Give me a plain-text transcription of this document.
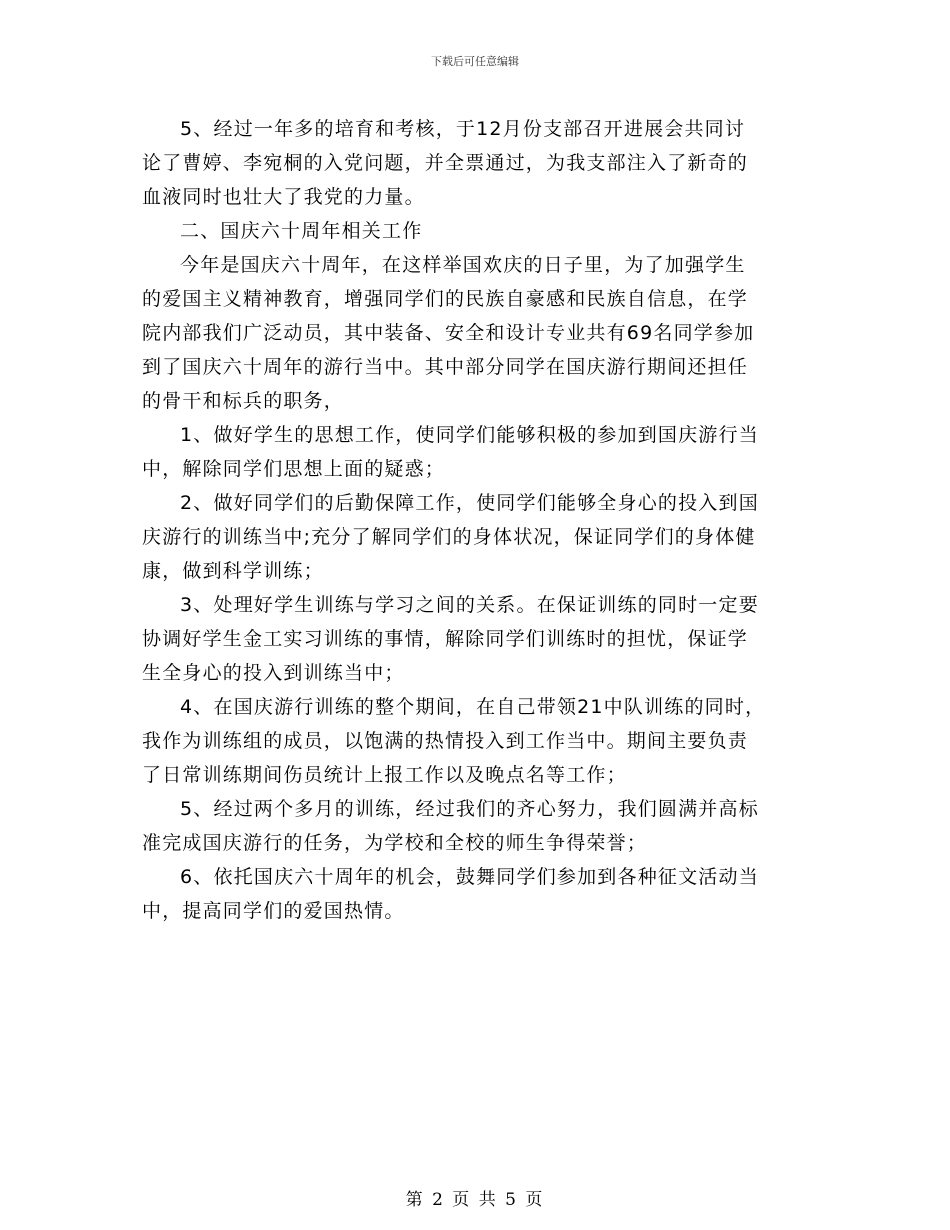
下载后可任意编辑

5、经过一年多的培育和考核，于12月份支部召开进展会共同讨
论了曹婷、李宛桐的入党问题，并全票通过，为我支部注入了新奇的
血液同时也壮大了我党的力量。

二、国庆六十周年相关工作

今年是国庆六十周年，在这样举国欢庆的日子里，为了加强学生
的爱国主义精神教育，增强同学们的民族自豪感和民族自信息，在学
院内部我们广泛动员，其中装备、安全和设计专业共有69名同学参加
到了国庆六十周年的游行当中。其中部分同学在国庆游行期间还担任
的骨干和标兵的职务，

1、做好学生的思想工作，使同学们能够积极的参加到国庆游行当
中，解除同学们思想上面的疑惑；

2、做好同学们的后勤保障工作，使同学们能够全身心的投入到国
庆游行的训练当中;充分了解同学们的身体状况，保证同学们的身体健
康，做到科学训练；

3、处理好学生训练与学习之间的关系。在保证训练的同时一定要
协调好学生金工实习训练的事情，解除同学们训练时的担忧，保证学
生全身心的投入到训练当中；

4、在国庆游行训练的整个期间，在自己带领21中队训练的同时，
我作为训练组的成员，以饱满的热情投入到工作当中。期间主要负责
了日常训练期间伤员统计上报工作以及晚点名等工作；

5、经过两个多月的训练，经过我们的齐心努力，我们圆满并高标
准完成国庆游行的任务，为学校和全校的师生争得荣誉；

6、依托国庆六十周年的机会，鼓舞同学们参加到各种征文活动当
中，提高同学们的爱国热情。

第 2 页 共 5 页
